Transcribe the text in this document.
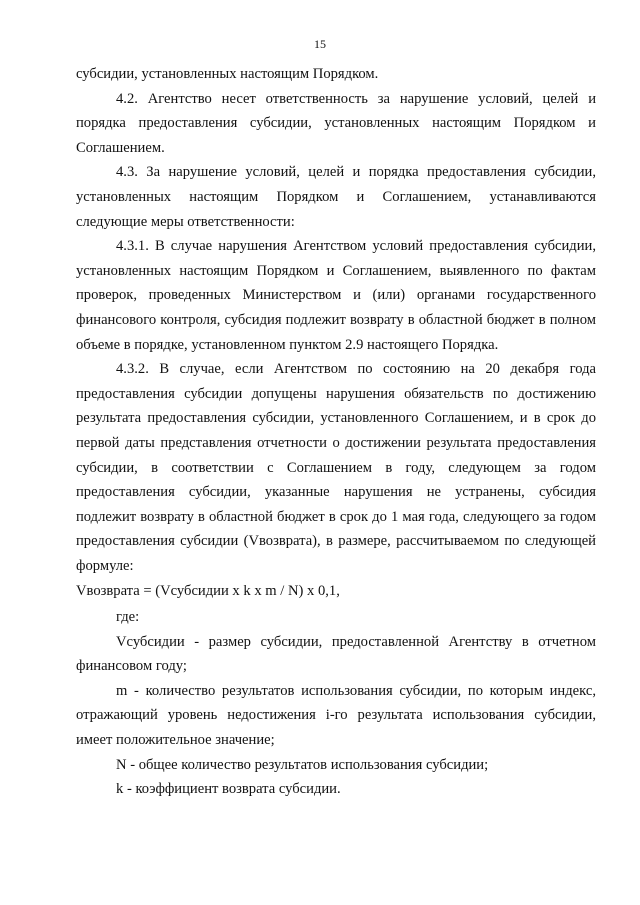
15

субсидии, установленных настоящим Порядком.

4.2. Агентство несет ответственность за нарушение условий, целей и порядка предоставления субсидии, установленных настоящим Порядком и Соглашением.

4.3. За нарушение условий, целей и порядка предоставления субсидии, установленных настоящим Порядком и Соглашением, устанавливаются следующие меры ответственности:

4.3.1. В случае нарушения Агентством условий предоставления субсидии, установленных настоящим Порядком и Соглашением, выявленного по фактам проверок, проведенных Министерством и (или) органами государственного финансового контроля, субсидия подлежит возврату в областной бюджет в полном объеме в порядке, установленном пунктом 2.9 настоящего Порядка.

4.3.2. В случае, если Агентством по состоянию на 20 декабря года предоставления субсидии допущены нарушения обязательств по достижению результата предоставления субсидии, установленного Соглашением, и в срок до первой даты представления отчетности о достижении результата предоставления субсидии, в соответствии с Соглашением в году, следующем за годом предоставления субсидии, указанные нарушения не устранены, субсидия подлежит возврату в областной бюджет в срок до 1 мая года, следующего за годом предоставления субсидии (Vвозврата), в размере, рассчитываемом по следующей формуле:

Vвозврата = (Vсубсидии x k x m / N) x 0,1,

где:

Vсубсидии - размер субсидии, предоставленной Агентству в отчетном финансовом году;

m - количество результатов использования субсидии, по которым индекс, отражающий уровень недостижения i-го результата использования субсидии, имеет положительное значение;

N - общее количество результатов использования субсидии;

k - коэффициент возврата субсидии.
